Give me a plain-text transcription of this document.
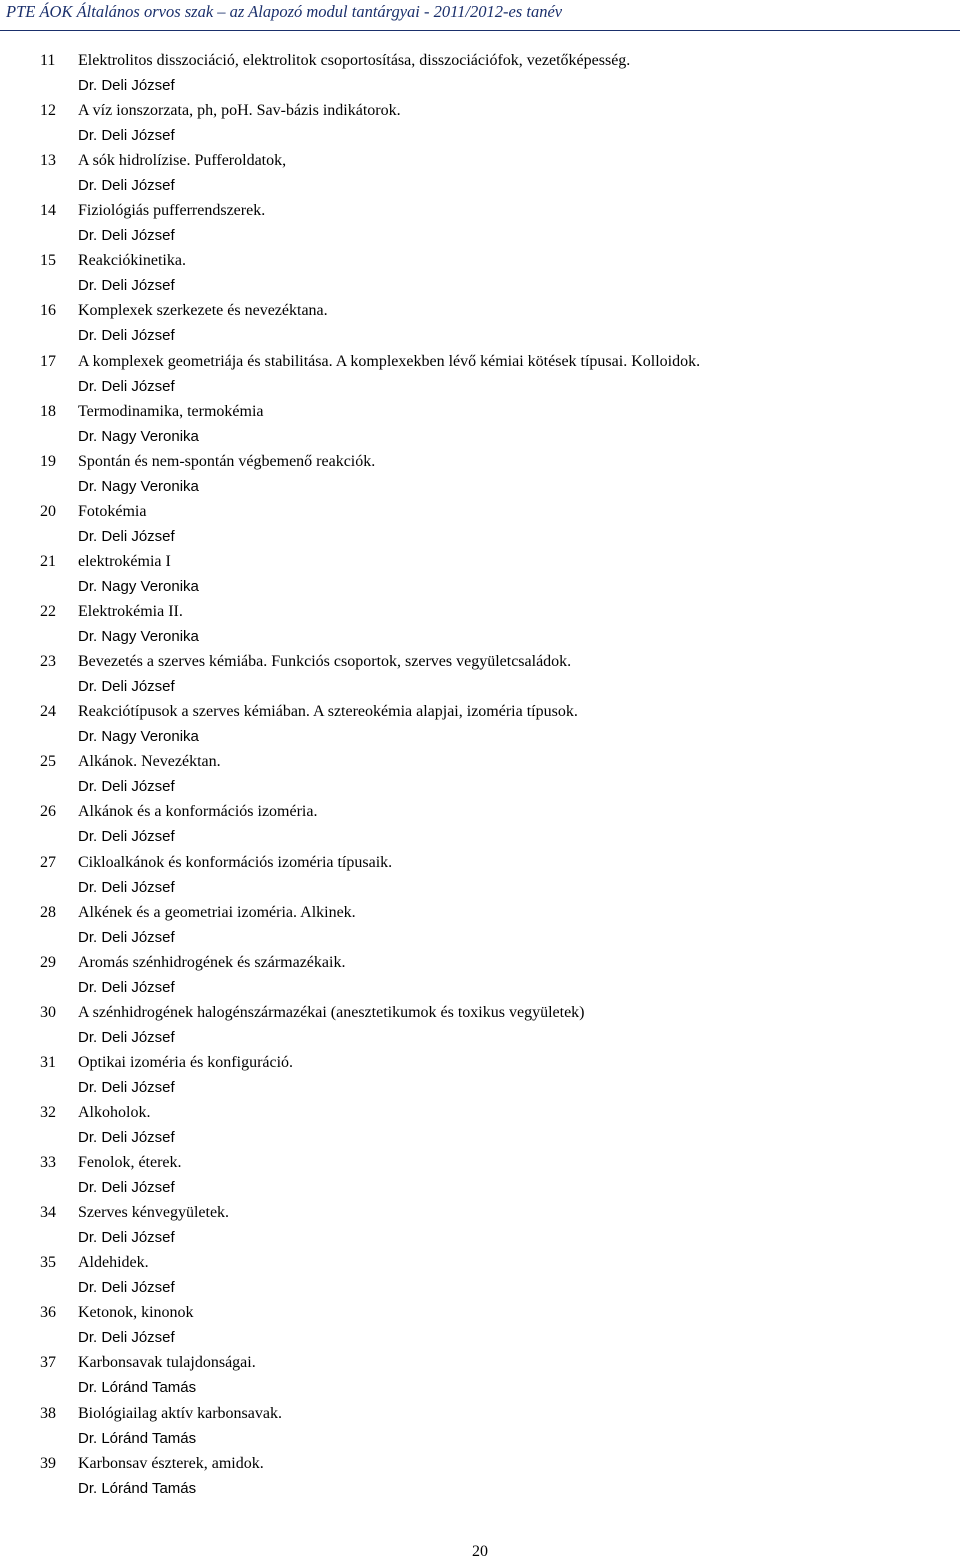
PTE ÁOK Általános orvos szak – az Alapozó modul tantárgyai - 2011/2012-es tanév
11	Elektrolitos disszociáció, elektrolitok csoportosítása, disszociációfok, vezetőképesség.
Dr. Deli József
12	A víz ionszorzata, ph, poH. Sav-bázis indikátorok.
Dr. Deli József
13	A sók hidrolízise. Pufferoldatok,
Dr. Deli József
14	Fiziológiás pufferrendszerek.
Dr. Deli József
15	Reakciókinetika.
Dr. Deli József
16	Komplexek szerkezete és nevezéktana.
Dr. Deli József
17	A komplexek geometriája és stabilitása. A komplexekben lévő kémiai kötések típusai. Kolloidok.
Dr. Deli József
18	Termodinamika, termokémia
Dr. Nagy Veronika
19	Spontán és nem-spontán végbemenő reakciók.
Dr. Nagy Veronika
20	Fotokémia
Dr. Deli József
21	elektrokémia I
Dr. Nagy Veronika
22	Elektrokémia II.
Dr. Nagy Veronika
23	Bevezetés a szerves kémiába. Funkciós csoportok, szerves vegyületcsaládok.
Dr. Deli József
24	Reakciótípusok a szerves kémiában. A sztereokémia alapjai, izoméria típusok.
Dr. Nagy Veronika
25	Alkánok. Nevezéktan.
Dr. Deli József
26	Alkánok és a konformációs izoméria.
Dr. Deli József
27	Cikloalkánok és konformációs izoméria típusaik.
Dr. Deli József
28	Alkének és a geometriai izoméria. Alkinek.
Dr. Deli József
29	Aromás szénhidrogének és származékaik.
Dr. Deli József
30	A szénhidrogének halogénszármazékai (anesztetikumok és toxikus vegyületek)
Dr. Deli József
31	Optikai izoméria és konfiguráció.
Dr. Deli József
32	Alkoholok.
Dr. Deli József
33	Fenolok, éterek.
Dr. Deli József
34	Szerves kénvegyületek.
Dr. Deli József
35	Aldehidek.
Dr. Deli József
36	Ketonok, kinonok
Dr. Deli József
37	Karbonsavak tulajdonságai.
Dr. Lóránd Tamás
38	Biológiailag aktív karbonsavak.
Dr. Lóránd Tamás
39	Karbonsav észterek, amidok.
Dr. Lóránd Tamás
20
